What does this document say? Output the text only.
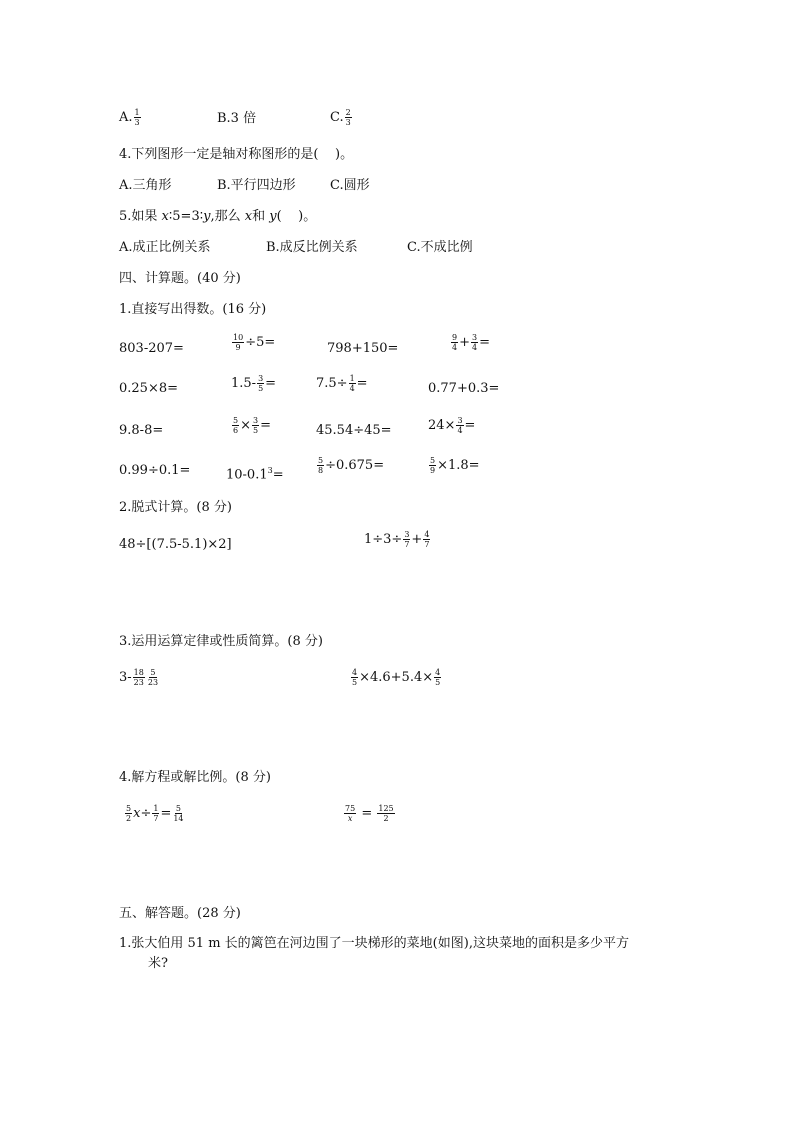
A. $\frac{1}{3}$	B.3 倍	C. $\frac{2}{3}$
4.下列图形一定是轴对称图形的是(    )。
A.三角形	B.平行四边形	C.圆形
5.如果 x∶5=3∶y,那么 x和 y(    )。
A.成正比例关系	B.成反比例关系	C.不成比例
四、计算题。(40 分)
1.直接写出得数。(16 分)
803-207=	$\frac{10}{9} \div 5=$	798+150=	$\frac{9}{4} + \frac{3}{4}$ =
0.25×8=	$1.5- \frac{3}{5}$ =	$7.5\div \frac{1}{4}$ =	0.77+0.3=
9.8-8=	$\frac{5}{6} \times \frac{3}{5}$ =	45.54÷45=	$24\times \frac{3}{4}$ =
0.99÷0.1=	$10-0.1^3=$	$\frac{5}{8} \div 0.675=$	$\frac{5}{9} \times 1.8=$
2.脱式计算。(8 分)
48÷[(7.5-5.1)×2]	$1\div 3\div \frac{3}{7} + \frac{4}{7}$
3.运用运算定律或性质简算。(8 分)
$3- \frac{18}{23} \frac{5}{23}$	$\frac{4}{5} \times 4.6+5.4\times \frac{4}{5}$
4.解方程或解比例。(8 分)
$\frac{5}{2} x\div \frac{1}{7} = \frac{5}{14}$	$\frac{75}{x} = \frac{125}{2}$
五、解答题。(28 分)
1.张大伯用 51 m 长的篱笆在河边围了一块梯形的菜地(如图),这块菜地的面积是多少平方
米?
